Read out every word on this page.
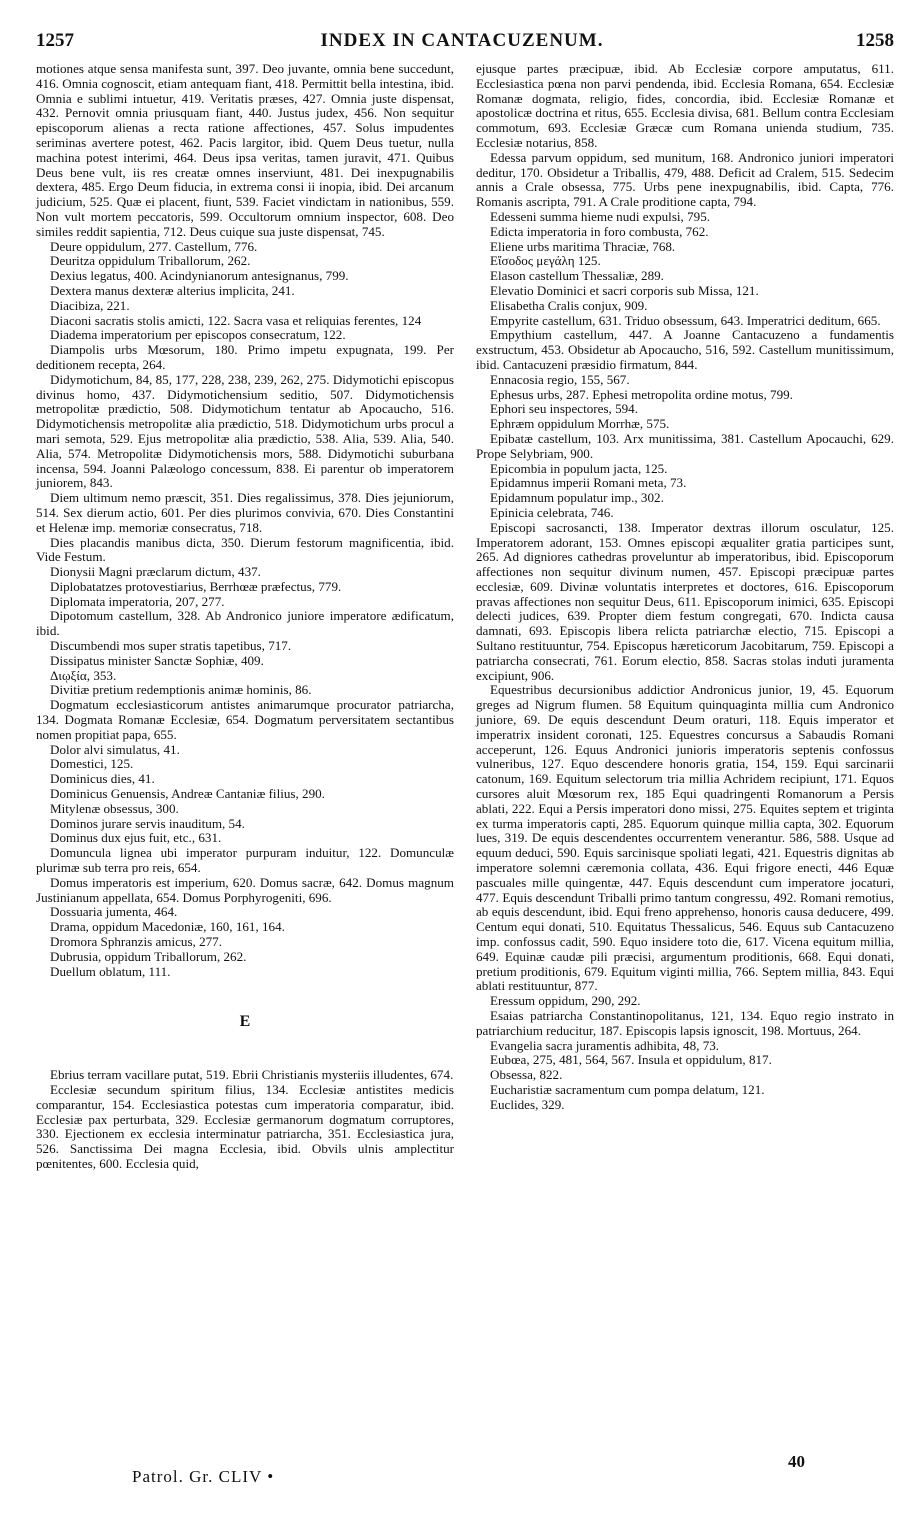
1257	INDEX IN CANTACUZENUM.	1258

motiones atque sensa manifesta sunt, 397. Deo juvante, omnia bene succedunt, 416. Omnia cognoscit, etiam antequam fiant, 418. Permittit bella intestina, ibid. Omnia e sublimi intuetur, 419. Veritatis præses, 427. Omnia juste dispensat, 432. Pernovit omnia priusquam fiant, 440. Justus judex, 456. Non sequitur episcoporum alienas a recta ratione affectiones, 457. Solus impudentes seriminas avertere potest, 462. Pacis largitor, ibid. Quem Deus tuetur, nulla machina potest interimi, 464. Deus ipsa veritas, tamen juravit, 471. Quibus Deus bene vult, iis res creatæ omnes inserviunt, 481. Dei inexpugnabilis dextera, 485. Ergo Deum fiducia, in extrema consi ii inopia, ibid. Dei arcanum judicium, 525. Quæ ei placent, fiunt, 539. Faciet vindictam in nationibus, 559. Non vult mortem peccatoris, 599. Occultorum omnium inspector, 608. Deo similes reddit sapientia, 712. Deus cuique sua juste dispensat, 745.

Deure oppidulum, 277. Castellum, 776.

Deuritza oppidulum Triballorum, 262.

Dexius legatus, 400. Acindynianorum antesignanus, 799.

Dextera manus dexteræ alterius implicita, 241.

Diacibiza, 221.

Diaconi sacratis stolis amicti, 122. Sacra vasa et reliquias ferentes, 124

Diadema imperatorium per episcopos consecratum, 122.

Diampolis urbs Mœsorum, 180. Primo impetu expugnata, 199. Per deditionem recepta, 264.

Didymotichum, 84, 85, 177, 228, 238, 239, 262, 275. Didymotichi episcopus divinus homo, 437. Didymotichensium seditio, 507. Didymotichensis metropolitæ prædictio, 508. Didymotichum tentatur ab Apocaucho, 516. Didymotichensis metropolitæ alia prædictio, 518. Didymotichum urbs procul a mari semota, 529. Ejus metropolitæ alia prædictio, 538. Alia, 539. Alia, 540. Alia, 574. Metropolitæ Didymotichensis mors, 588. Didymotichi suburbana incensa, 594. Joanni Palæologo concessum, 838. Ei parentur ob imperatorem juniorem, 843.

Diem ultimum nemo præscit, 351. Dies regalissimus, 378. Dies jejuniorum, 514. Sex dierum actio, 601. Per dies plurimos convivia, 670. Dies Constantini et Helenæ imp. memoriæ consecratus, 718.

Dies placandis manibus dicta, 350. Dierum festorum magnificentia, ibid. Vide Festum.

Dionysii Magni præclarum dictum, 437.

Diplobatatzes protovestiarius, Berrhœæ præfectus, 779.

Diplomata imperatoria, 207, 277.

Dipotomum castellum, 328. Ab Andronico juniore imperatore ædificatum, ibid.

Discumbendi mos super stratis tapetibus, 717.

Dissipatus minister Sanctæ Sophiæ, 409.

Διῳξία, 353.

Divitiæ pretium redemptionis animæ hominis, 86.

Dogmatum ecclesiasticorum antistes animarumque procurator patriarcha, 134. Dogmata Romanæ Ecclesiæ, 654. Dogmatum perversitatem sectantibus nomen propitiat papa, 655.

Dolor alvi simulatus, 41.

Domestici, 125.

Dominicus dies, 41.

Dominicus Genuensis, Andreæ Cantaniæ filius, 290.

Mitylenæ obsessus, 300.

Dominos jurare servis inauditum, 54.

Dominus dux ejus fuit, etc., 631.

Domuncula lignea ubi imperator purpuram induitur, 122. Domunculæ plurimæ sub terra pro reis, 654.

Domus imperatoris est imperium, 620. Domus sacræ, 642. Domus magnum Justinianum appellata, 654. Domus Porphyrogeniti, 696.

Dossuaria jumenta, 464.

Drama, oppidum Macedoniæ, 160, 161, 164.

Dromora Sphranzis amicus, 277.

Dubrusia, oppidum Triballorum, 262.

Duellum oblatum, 111.

E

Ebrius terram vacillare putat, 519. Ebrii Christianis mysteriis illudentes, 674.

Ecclesiæ secundum spiritum filius, 134. Ecclesiæ antistites medicis comparantur, 154. Ecclesiastica potestas cum imperatoria comparatur, ibid. Ecclesiæ pax perturbata, 329. Ecclesiæ germanorum dogmatum corruptores, 330. Ejectionem ex ecclesia interminatur patriarcha, 351. Ecclesiastica jura, 526. Sanctissima Dei magna Ecclesia, ibid. Obvils ulnis amplectitur pœnitentes, 600. Ecclesia quid,

ejusque partes præcipuæ, ibid. Ab Ecclesiæ corpore amputatus, 611. Ecclesiastica pœna non parvi pendenda, ibid. Ecclesia Romana, 654. Ecclesiæ Romanæ dogmata, religio, fides, concordia, ibid. Ecclesiæ Romanæ et apostolicæ doctrina et ritus, 655. Ecclesia divisa, 681. Bellum contra Ecclesiam commotum, 693. Ecclesiæ Græcæ cum Romana unienda studium, 735. Ecclesiæ notarius, 858.

Edessa parvum oppidum, sed munitum, 168. Andronico juniori imperatori deditur, 170. Obsidetur a Triballis, 479, 488. Deficit ad Cralem, 515. Sedecim annis a Crale obsessa, 775. Urbs pene inexpugnabilis, ibid. Capta, 776. Romanis ascripta, 791. A Crale proditione capta, 794.

Edesseni summa hieme nudi expulsi, 795.

Edicta imperatoria in foro combusta, 762.

Eliene urbs maritima Thraciæ, 768.

Εἴσοδος μεγάλη 125.

Elason castellum Thessaliæ, 289.

Elevatio Dominici et sacri corporis sub Missa, 121.

Elisabetha Cralis conjux, 909.

Empyrite castellum, 631. Triduo obsessum, 643. Imperatrici deditum, 665.

Empythium castellum, 447. A Joanne Cantacuzeno a fundamentis exstructum, 453. Obsidetur ab Apocaucho, 516, 592. Castellum munitissimum, ibid. Cantacuzeni præsidio firmatum, 844.

Ennacosia regio, 155, 567.

Ephesus urbs, 287. Ephesi metropolita ordine motus, 799.

Ephori seu inspectores, 594.

Ephræm oppidulum Morrhæ, 575.

Epibatæ castellum, 103. Arx munitissima, 381. Castellum Apocauchi, 629. Prope Selybriam, 900.

Epicombia in populum jacta, 125.

Epidamnus imperii Romani meta, 73.

Epidamnum populatur imp., 302.

Epinicia celebrata, 746.

Episcopi sacrosancti, 138. Imperator dextras illorum osculatur, 125. Imperatorem adorant, 153. Omnes episcopi æqualiter gratia participes sunt, 265. Ad digniores cathedras proveluntur ab imperatoribus, ibid. Episcoporum affectiones non sequitur divinum numen, 457. Episcopi præcipuæ partes ecclesiæ, 609. Divinæ voluntatis interpretes et doctores, 616. Episcoporum pravas affectiones non sequitur Deus, 611. Episcoporum inimici, 635. Episcopi delecti judices, 639. Propter diem festum congregati, 670. Indicta causa damnati, 693. Episcopis libera relicta patriarchæ electio, 715. Episcopi a Sultano restituuntur, 754. Episcopus hæreticorum Jacobitarum, 759. Episcopi a patriarcha consecrati, 761. Eorum electio, 858. Sacras stolas induti juramenta excipiunt, 906.

Equestribus decursionibus addictior Andronicus junior, 19, 45. Equorum greges ad Nigrum flumen. 58 Equitum quinquaginta millia cum Andronico juniore, 69. De equis descendunt Deum oraturi, 118. Equis imperator et imperatrix insident coronati, 125. Equestres concursus a Sabaudis Romani acceperunt, 126. Equus Andronici junioris imperatoris septenis confossus vulneribus, 127. Equo descendere honoris gratia, 154, 159. Equi sarcinarii catonum, 169. Equitum selectorum tria millia Achridem recipiunt, 171. Equos cursores aluit Mœsorum rex, 185 Equi quadringenti Romanorum a Persis ablati, 222. Equi a Persis imperatori dono missi, 275. Equites septem et triginta ex turma imperatoris capti, 285. Equorum quinque millia capta, 302. Equorum lues, 319. De equis descendentes occurrentem venerantur. 586, 588. Usque ad equum deduci, 590. Equis sarcinisque spoliati legati, 421. Equestris dignitas ab imperatore solemni cæremonia collata, 436. Equi frigore enecti, 446 Equæ pascuales mille quingentæ, 447. Equis descendunt cum imperatore jocaturi, 477. Equis descendunt Triballi primo tantum congressu, 492. Romani remotius, ab equis descendunt, ibid. Equi freno apprehenso, honoris causa deducere, 499. Centum equi donati, 510. Equitatus Thessalicus, 546. Equus sub Cantacuzeno imp. confossus cadit, 590. Equo insidere toto die, 617. Vicena equitum millia, 649. Equinæ caudæ pili præcisi, argumentum proditionis, 668. Equi donati, pretium proditionis, 679. Equitum viginti millia, 766. Septem millia, 843. Equi ablati restituuntur, 877.

Eressum oppidum, 290, 292.

Esaias patriarcha Constantinopolitanus, 121, 134. Equo regio instrato in patriarchium reducitur, 187. Episcopis lapsis ignoscit, 198. Mortuus, 264.

Evangelia sacra juramentis adhibita, 48, 73.

Eubœa, 275, 481, 564, 567. Insula et oppidulum, 817.

Obsessa, 822.

Eucharistiæ sacramentum cum pompa delatum, 121.

Euclides, 329.

Patrol. Gr. CLIV •
40
